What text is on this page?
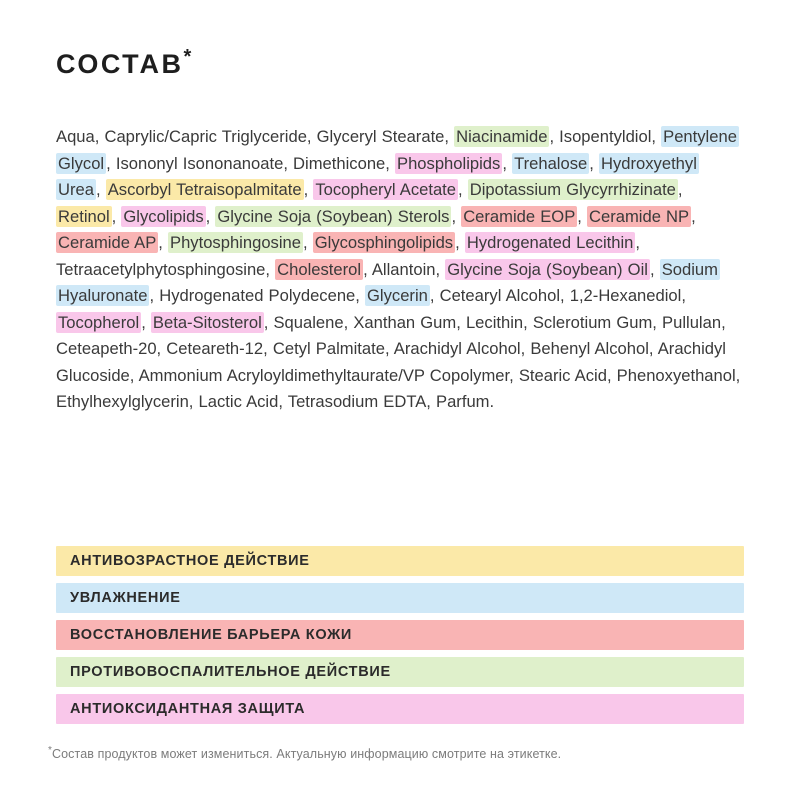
СОСТАВ*
Aqua, Caprylic/Capric Triglyceride, Glyceryl Stearate, Niacinamide , Isopentyldiol, Pentylene Glycol , Isononyl Isononanoate, Dimethicone, Phospholipids , Trehalose , Hydroxyethyl Urea , Ascorbyl Tetraisopalmitate , Tocopheryl Acetate , Dipotassium Glycyrrhizinate , Retinol , Glycolipids , Glycine Soja (Soybean) Sterols , Ceramide EOP , Ceramide NP , Ceramide AP , Phytosphingosine , Glycosphingolipids , Hydrogenated Lecithin , Tetraacetylphytosphingosine, Cholesterol , Allantoin, Glycine Soja (Soybean) Oil , Sodium Hyaluronate , Hydrogenated Polydecene, Glycerin , Cetearyl Alcohol, 1,2-Hexanediol, Tocopherol , Beta-Sitosterol , Squalene, Xanthan Gum, Lecithin, Sclerotium Gum, Pullulan, Ceteaрeth-20, Ceteareth-12, Cetyl Palmitate, Arachidyl Alcohol, Behenyl Alcohol, Arachidyl Glucoside, Ammonium Acryloyldimethyltaurate/VP Copolymer, Stearic Acid, Phenoxyethanol, Ethylhexylglycerin, Lactic Acid, Tetrasodium EDTA, Parfum.
АНТИВОЗРАСТНОЕ ДЕЙСТВИЕ
УВЛАЖНЕНИЕ
ВОССТАНОВЛЕНИЕ БАРЬЕРА КОЖИ
ПРОТИВОВОСПАЛИТЕЛЬНОЕ ДЕЙСТВИЕ
АНТИОКСИДАНТНАЯ ЗАЩИТА
*Состав продуктов может измениться. Актуальную информацию смотрите на этикетке.
